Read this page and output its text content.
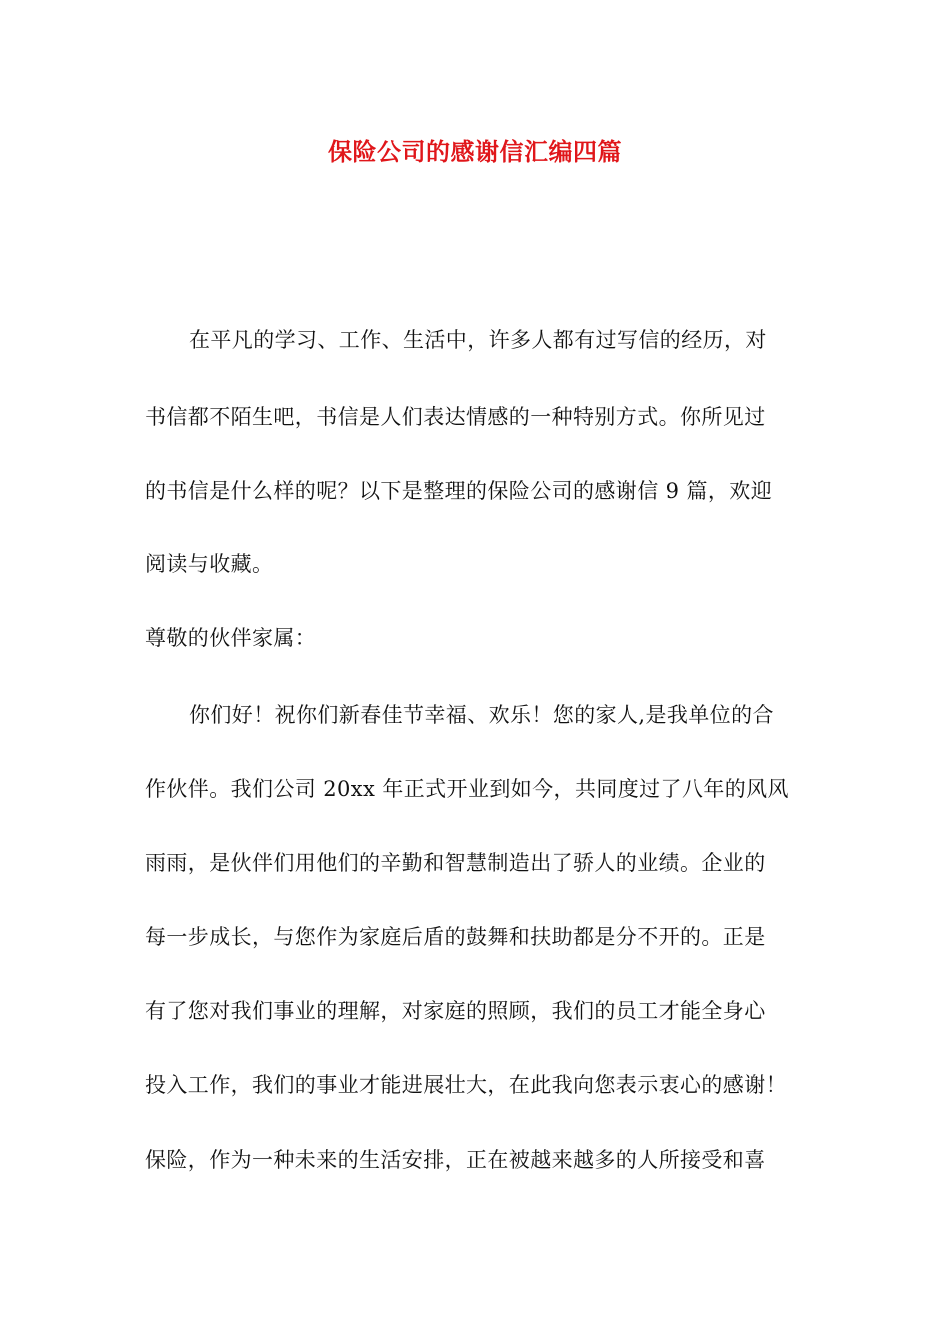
保险公司的感谢信汇编四篇
在平凡的学习、工作、生活中，许多人都有过写信的经历，对
书信都不陌生吧，书信是人们表达情感的一种特别方式。你所见过
的书信是什么样的呢？以下是整理的保险公司的感谢信 9 篇，欢迎
阅读与收藏。
尊敬的伙伴家属：
你们好！祝你们新春佳节幸福、欢乐！您的家人,是我单位的合
作伙伴。我们公司 20xx 年正式开业到如今，共同度过了八年的风风
雨雨，是伙伴们用他们的辛勤和智慧制造出了骄人的业绩。企业的
每一步成长，与您作为家庭后盾的鼓舞和扶助都是分不开的。正是
有了您对我们事业的理解，对家庭的照顾，我们的员工才能全身心
投入工作，我们的事业才能进展壮大，在此我向您表示衷心的感谢！
保险，作为一种未来的生活安排，正在被越来越多的人所接受和喜
